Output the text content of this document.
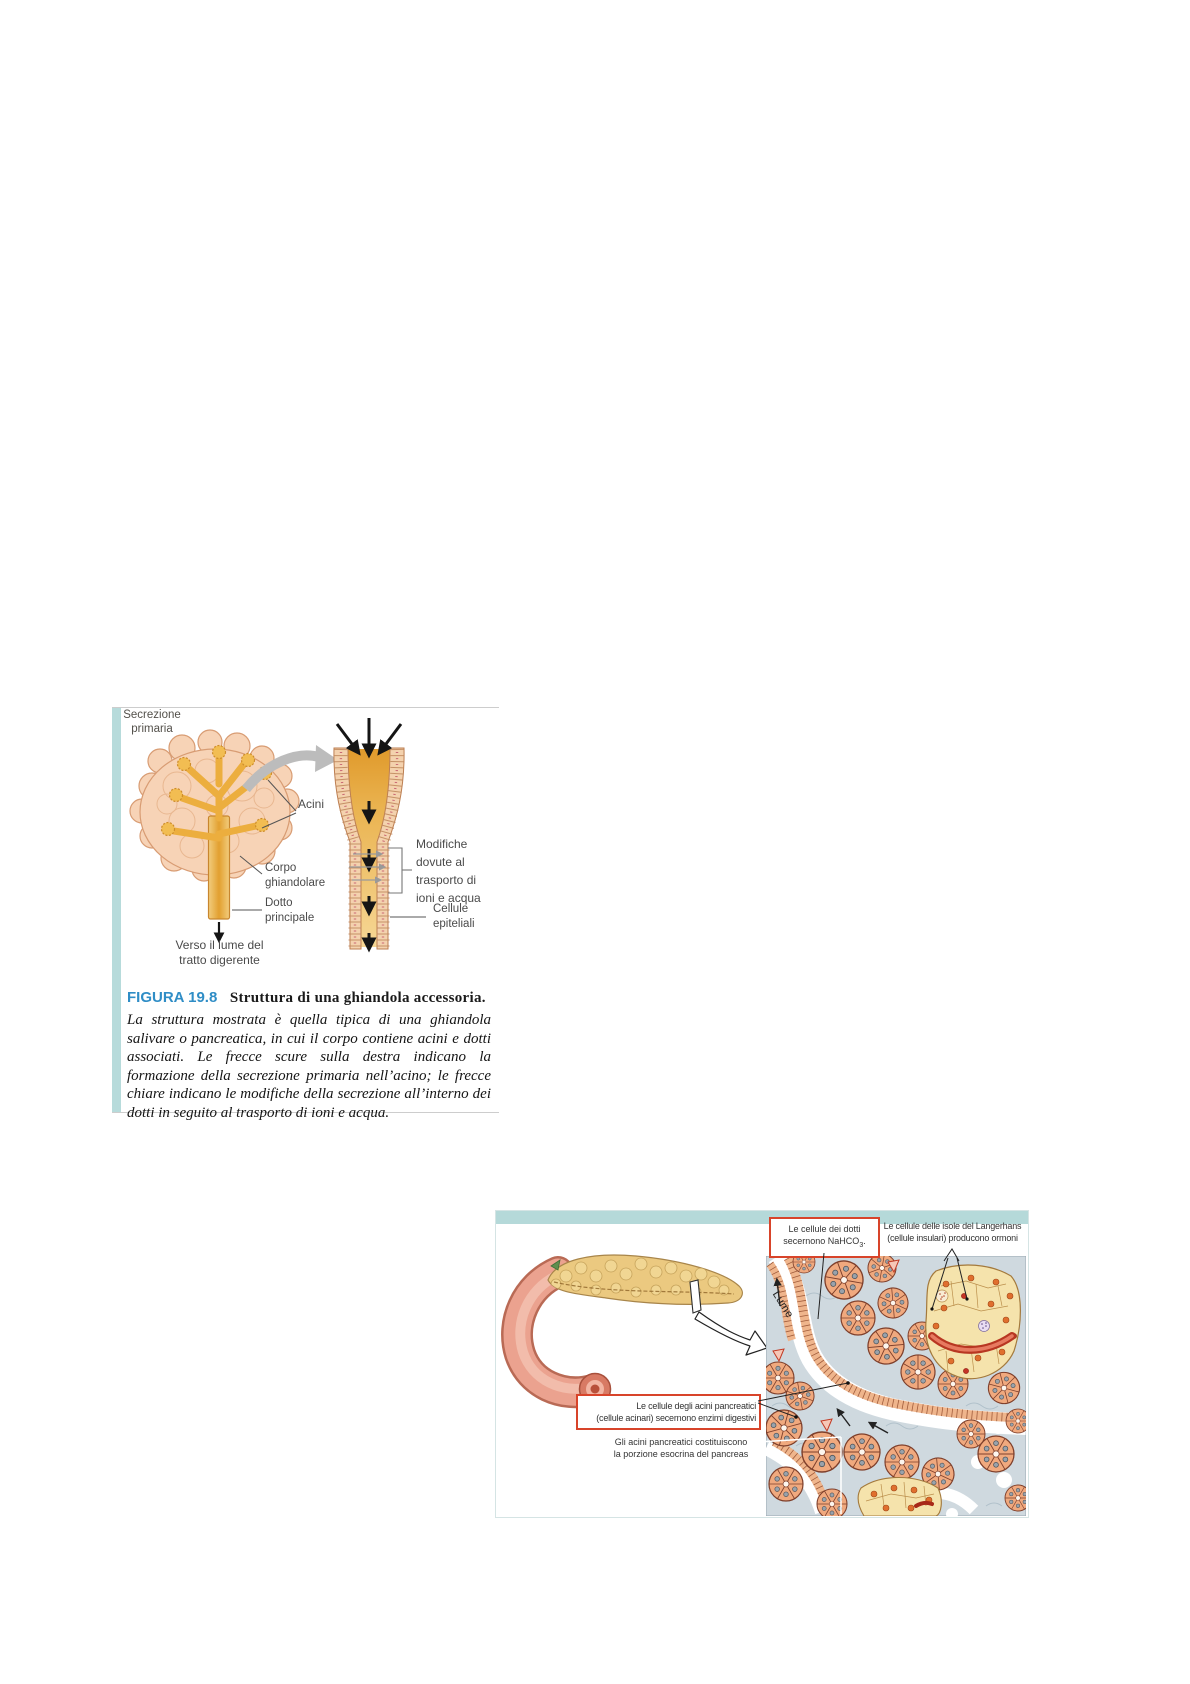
Secrezione
primaria
Acini
Corpo
ghiandolare
Dotto
principale
Verso il lume del
tratto digerente
Modifiche
dovute al
trasporto di
ioni e acqua
Cellule epiteliali
FIGURA 19.8 Struttura di una ghiandola accessoria.
La struttura mostrata è quella tipica di una ghiandola salivare o pancreatica, in cui il corpo contiene acini e dotti associati. Le frecce scure sulla destra indicano la formazione della secrezione primaria nell’acino; le frecce chiare indicano le modifiche della secrezione all’interno dei dotti in seguito al trasporto di ioni e acqua.
Le cellule dei dotti
secernono NaHCO$_3$.
Le cellule delle isole del Langerhans
(cellule insulari) producono ormoni
Lume
Le cellule degli acini pancreatici
(cellule acinari) secernono enzimi digestivi
Gli acini pancreatici costituiscono
la porzione esocrina del pancreas
